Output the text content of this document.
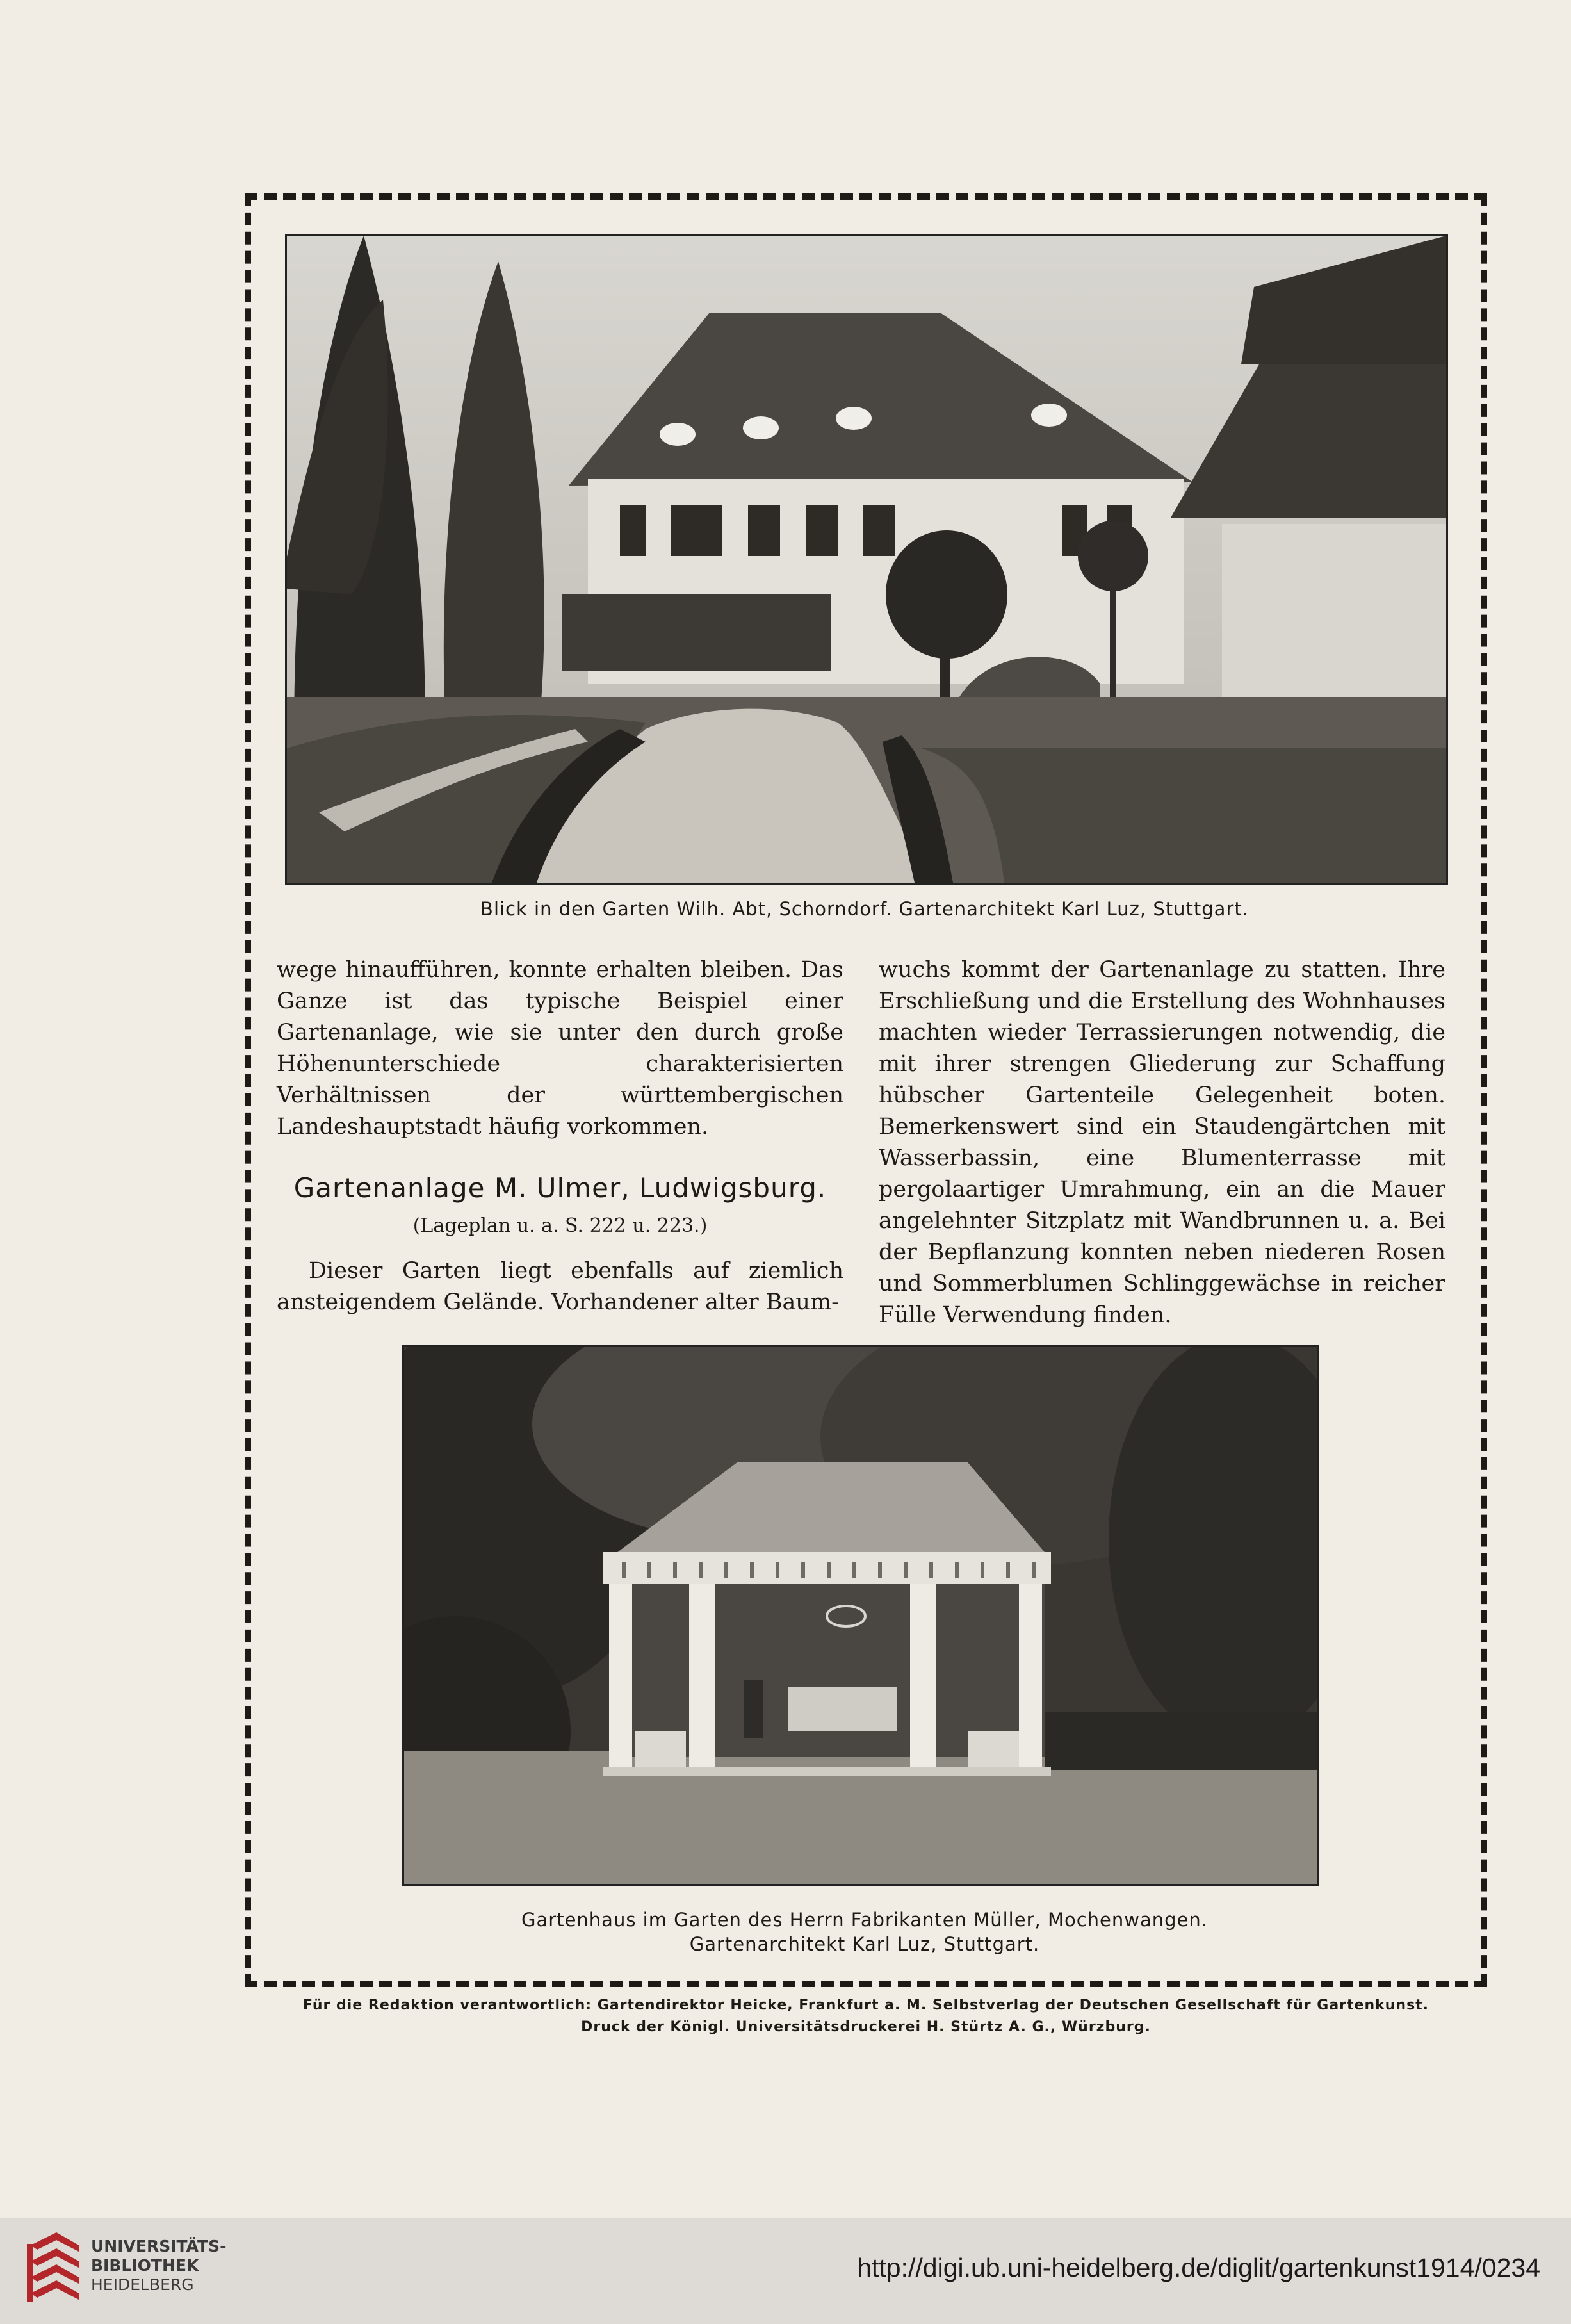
Blick in den Garten Wilh. Abt, Schorndorf. Gartenarchitekt Karl Luz, Stuttgart.

wege hinaufführen, konnte erhalten bleiben. Das Ganze ist das typische Beispiel einer Gartenanlage, wie sie unter den durch große Höhenunterschiede charakterisierten Verhältnissen der württembergischen Landeshauptstadt häufig vorkommen.

Gartenanlage M. Ulmer, Ludwigsburg.
(Lageplan u. a. S. 222 u. 223.)

Dieser Garten liegt ebenfalls auf ziemlich ansteigendem Gelände. Vorhandener alter Baum-

wuchs kommt der Gartenanlage zu statten. Ihre Erschließung und die Erstellung des Wohnhauses machten wieder Terrassierungen notwendig, die mit ihrer strengen Gliederung zur Schaffung hübscher Gartenteile Gelegenheit boten. Bemerkenswert sind ein Staudengärtchen mit Wasserbassin, eine Blumenterrasse mit pergolaartiger Umrahmung, ein an die Mauer angelehnter Sitzplatz mit Wandbrunnen u. a. Bei der Bepflanzung konnten neben niederen Rosen und Sommerblumen Schlinggewächse in reicher Fülle Verwendung finden.

Gartenhaus im Garten des Herrn Fabrikanten Müller, Mochenwangen.
Gartenarchitekt Karl Luz, Stuttgart.
Für die Redaktion verantwortlich: Gartendirektor Heicke, Frankfurt a. M. Selbstverlag der Deutschen Gesellschaft für Gartenkunst.
Druck der Königl. Universitätsdruckerei H. Stürtz A. G., Würzburg.
UNIVERSITÄTS-
BIBLIOTHEK
HEIDELBERG
http://digi.ub.uni-heidelberg.de/diglit/gartenkunst1914/0234
